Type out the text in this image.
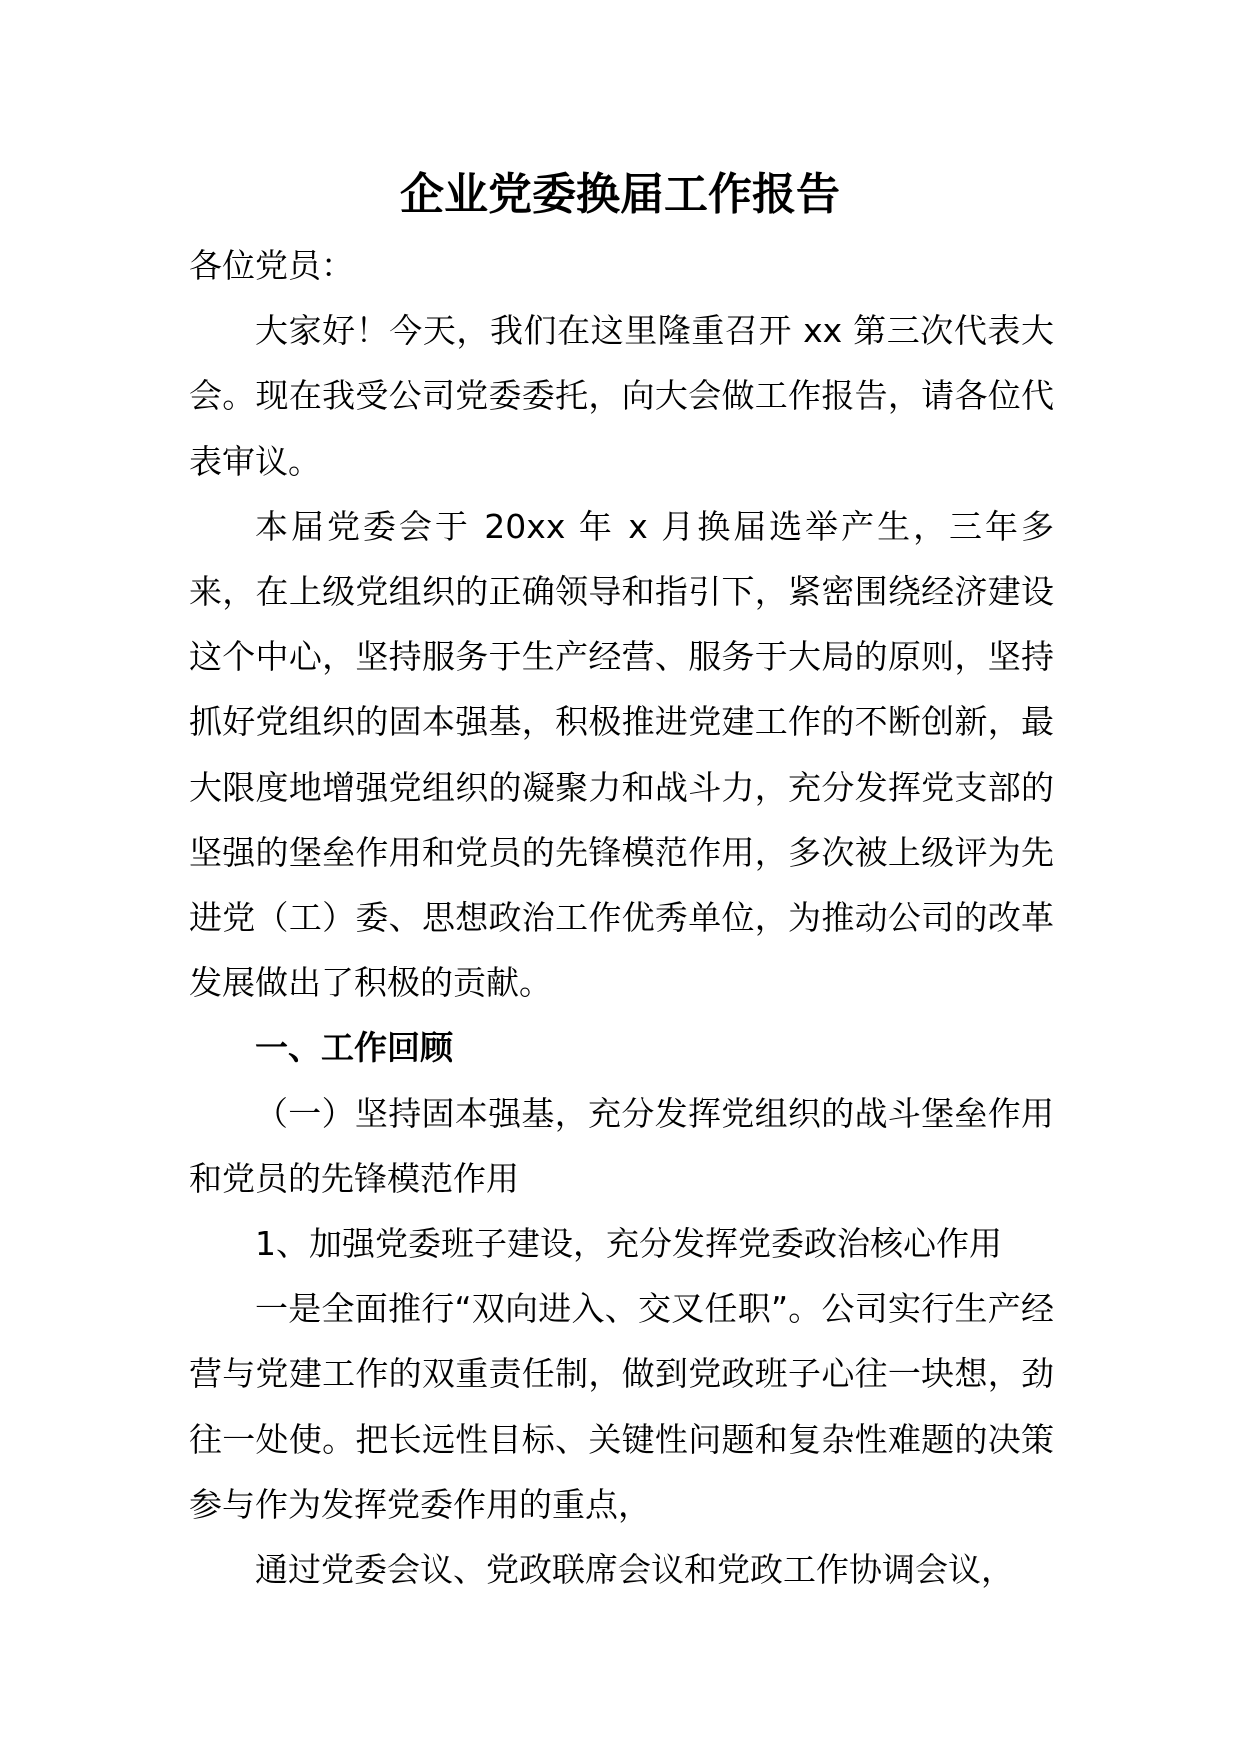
企业党委换届工作报告

各位党员：

大家好！今天，我们在这里隆重召开 xx 第三次代表大会。现在我受公司党委委托，向大会做工作报告，请各位代表审议。

本届党委会于 20xx 年 x 月换届选举产生，三年多来，在上级党组织的正确领导和指引下，紧密围绕经济建设这个中心，坚持服务于生产经营、服务于大局的原则，坚持抓好党组织的固本强基，积极推进党建工作的不断创新，最大限度地增强党组织的凝聚力和战斗力，充分发挥党支部的坚强的堡垒作用和党员的先锋模范作用，多次被上级评为先进党（工）委、思想政治工作优秀单位，为推动公司的改革发展做出了积极的贡献。

一、工作回顾

（一）坚持固本强基，充分发挥党组织的战斗堡垒作用和党员的先锋模范作用

1、加强党委班子建设，充分发挥党委政治核心作用

一是全面推行“双向进入、交叉任职”。公司实行生产经营与党建工作的双重责任制，做到党政班子心往一块想，劲往一处使。把长远性目标、关键性问题和复杂性难题的决策参与作为发挥党委作用的重点，

通过党委会议、党政联席会议和党政工作协调会议，
